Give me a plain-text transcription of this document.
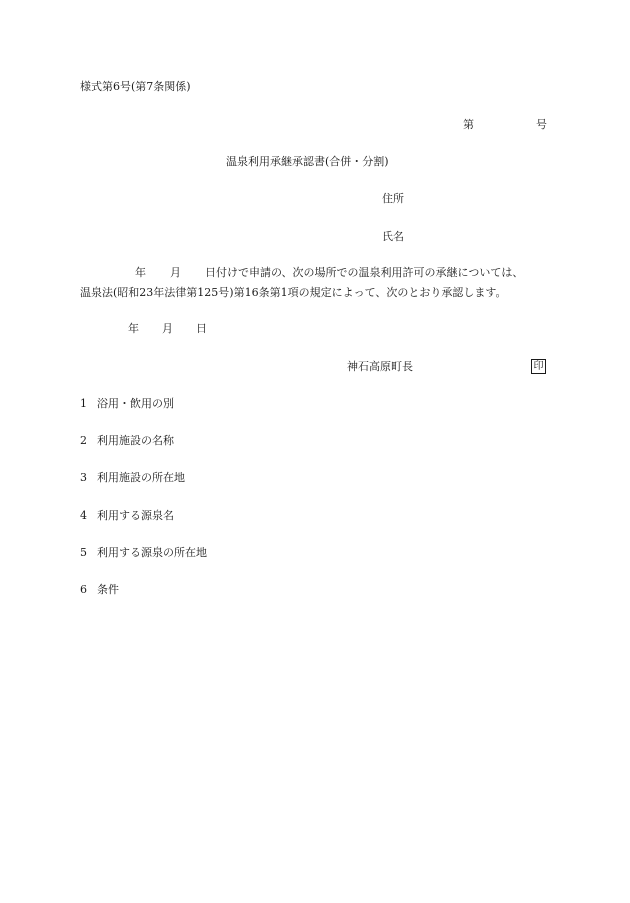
様式第6号(第7条関係)
第	号
温泉利用承継承認書(合併・分割)
住所
氏名
年 月 日付けで申請の、次の場所での温泉利用許可の承継については、
温泉法(昭和23年法律第125号)第16条第1項の規定によって、次のとおり承認します。
年 月 日
神石高原町長	印
1 浴用・飲用の別
2 利用施設の名称
3 利用施設の所在地
4 利用する源泉名
5 利用する源泉の所在地
6 条件
